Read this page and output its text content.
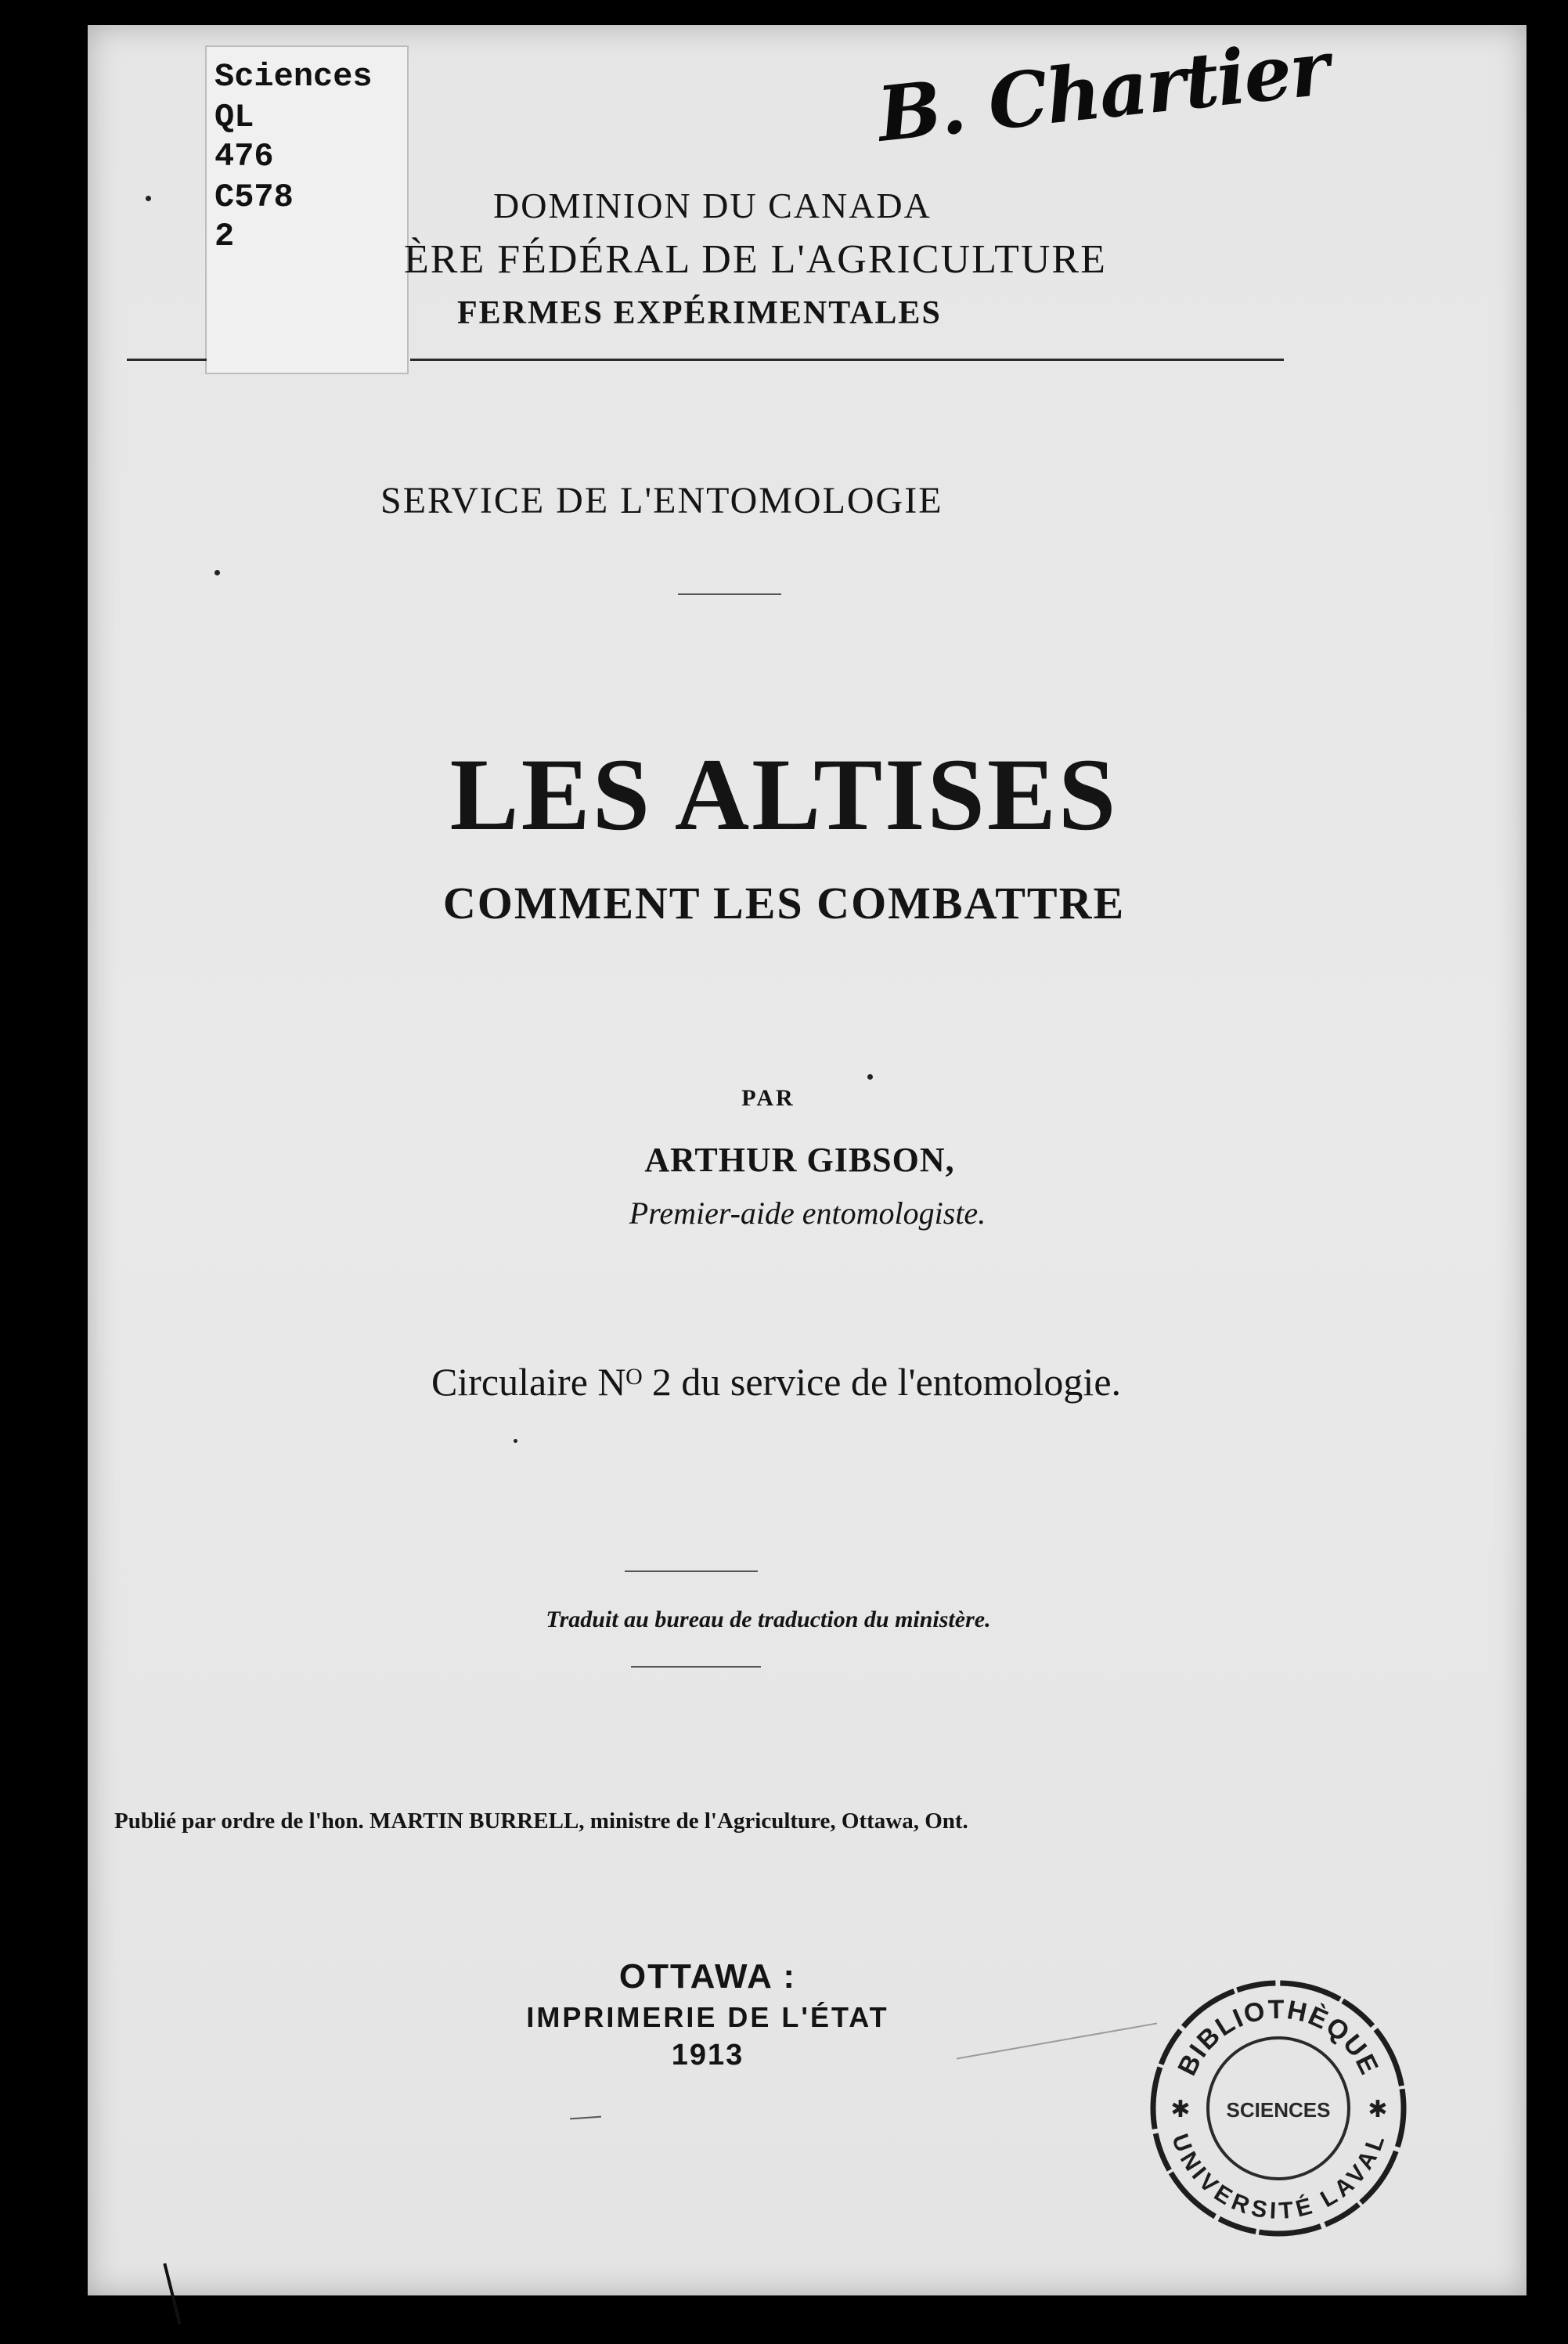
Sciences
QL
476
C578
2
B. Chartier
DOMINION DU CANADA
ÈRE FÉDÉRAL DE L'AGRICULTURE
FERMES EXPÉRIMENTALES
SERVICE DE L'ENTOMOLOGIE
LES ALTISES
COMMENT LES COMBATTRE
PAR
ARTHUR GIBSON,
Premier-aide entomologiste.
Circulaire Nᴼ 2 du service de l'entomologie.
Traduit au bureau de traduction du ministère.
Publié par ordre de l'hon. MARTIN BURRELL, ministre de l'Agriculture, Ottawa, Ont.
OTTAWA :
IMPRIMERIE DE L'ÉTAT
1913	BIBLIOTHÈQUE
SCIENCES
UNIVERSITÉ LAVAL
✱	✱
